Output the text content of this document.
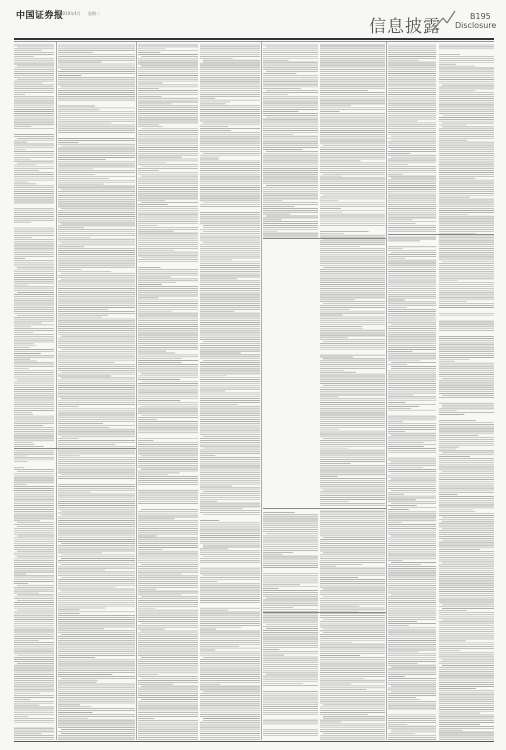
中国证券报
2019年4月 星期二
信息披露
B195
Disclosure
